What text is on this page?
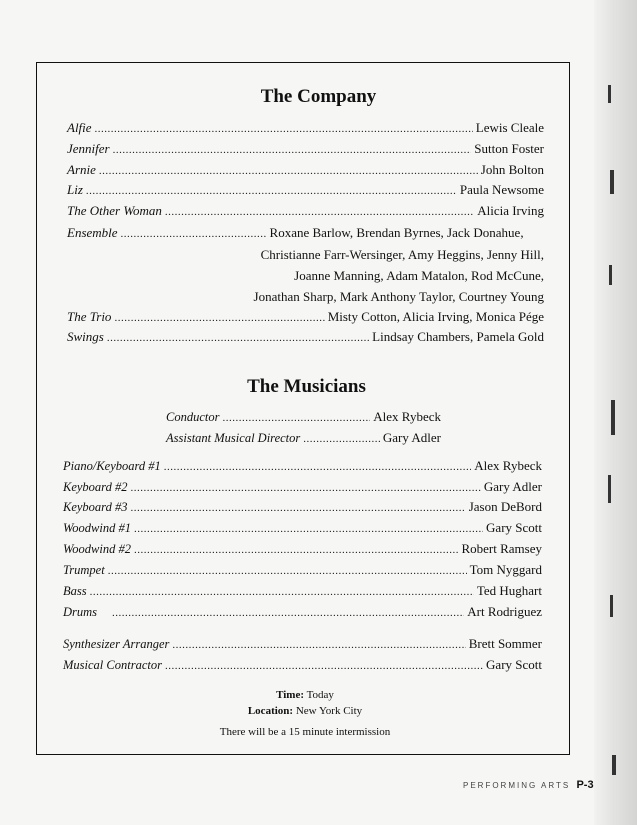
The Company
Alfie .....	Lewis Cleale
Jennifer .....	Sutton Foster
Arnie .....	John Bolton
Liz .....	Paula Newsome
The Other Woman .....	Alicia Irving
Ensemble .....	Roxane Barlow, Brendan Byrnes, Jack Donahue,
Christianne Farr-Wersinger, Amy Heggins, Jenny Hill,
Joanne Manning, Adam Matalon, Rod McCune,
Jonathan Sharp, Mark Anthony Taylor, Courtney Young
The Trio .....	Misty Cotton, Alicia Irving, Monica Pége
Swings .....	Lindsay Chambers, Pamela Gold
The Musicians
Conductor .....	Alex Rybeck
Assistant Musical Director .....	Gary Adler
Piano/Keyboard #1 .....	Alex Rybeck
Keyboard #2 .....	Gary Adler
Keyboard #3 .....	Jason DeBord
Woodwind #1 .....	Gary Scott
Woodwind #2 .....	Robert Ramsey
Trumpet .....	Tom Nyggard
Bass .....	Ted Hughart
Drums .....	Art Rodriguez
Synthesizer Arranger .....	Brett Sommer
Musical Contractor .....	Gary Scott
Time: Today
Location: New York City
There will be a 15 minute intermission
PERFORMING ARTS P-3
